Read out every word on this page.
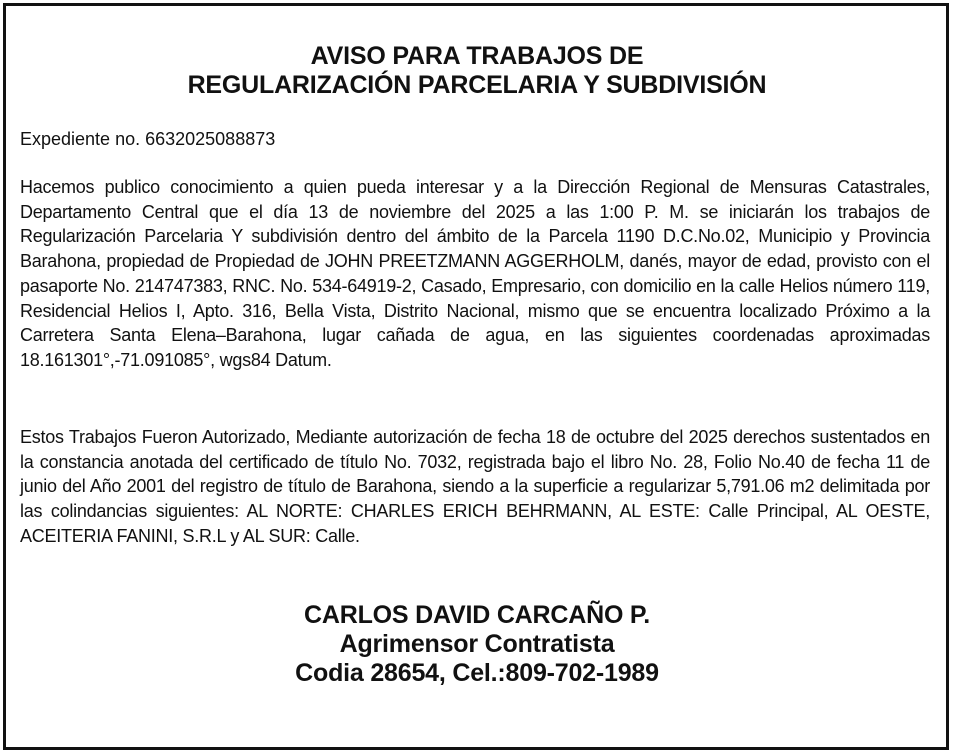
AVISO PARA TRABAJOS DE
REGULARIZACIÓN PARCELARIA Y SUBDIVISIÓN
Expediente no. 6632025088873

Hacemos publico conocimiento a quien pueda interesar y a la Dirección Regional de Mensuras Catastrales, Departamento Central que el día 13 de noviembre del 2025 a las 1:00 P. M. se iniciarán los trabajos de Regularización Parcelaria Y subdivisión dentro del ámbito de la Parcela 1190 D.C.No.02, Municipio y Provincia Barahona, propiedad de Propiedad de JOHN PREETZMANN AGGERHOLM, danés, mayor de edad, provisto con el pasaporte No. 214747383, RNC. No. 534-64919-2, Casado, Empresario, con domicilio en la calle Helios número 119, Residencial Helios I, Apto. 316, Bella Vista, Distrito Nacional, mismo que se encuentra localizado Próximo a la Carretera Santa Elena–Barahona, lugar cañada de agua, en las siguientes coordenadas aproximadas 18.161301°,-71.091085°, wgs84 Datum.

Estos Trabajos Fueron Autorizado, Mediante autorización de fecha 18 de octubre del 2025 derechos sustentados en la constancia anotada del certificado de título No. 7032, registrada bajo el libro No. 28, Folio No.40 de fecha 11 de junio del Año 2001 del registro de título de Barahona, siendo a la superficie a regularizar 5,791.06 m2 delimitada por las colindancias siguientes: AL NORTE: CHARLES ERICH BEHRMANN, AL ESTE: Calle Principal, AL OESTE, ACEITERIA FANINI, S.R.L y AL SUR: Calle.

CARLOS DAVID CARCAÑO P.
Agrimensor Contratista
Codia 28654, Cel.:809-702-1989
